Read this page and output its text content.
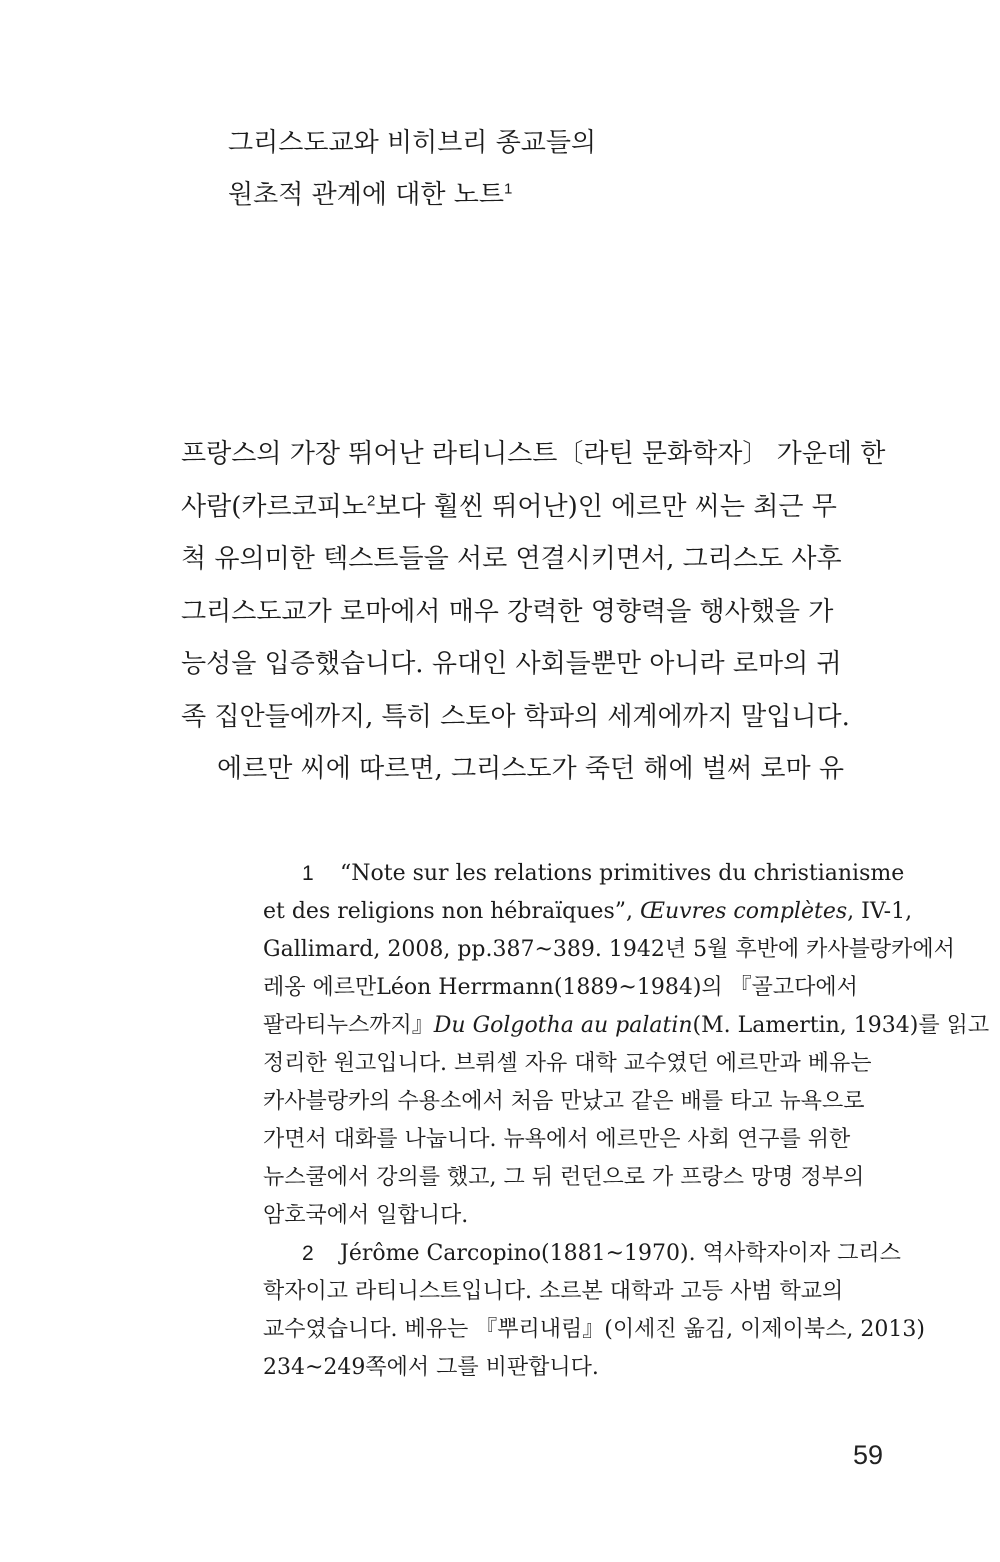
그리스도교와 비히브리 종교들의
원초적 관계에 대한 노트$^1$
프랑스의 가장 뛰어난 라티니스트〔라틴 문화학자〕 가운데 한
사람(카르코피노$^2$보다 훨씬 뛰어난)인 에르만 씨는 최근 무
척 유의미한 텍스트들을 서로 연결시키면서, 그리스도 사후
그리스도교가 로마에서 매우 강력한 영향력을 행사했을 가
능성을 입증했습니다. 유대인 사회들뿐만 아니라 로마의 귀
족 집안들에까지, 특히 스토아 학파의 세계에까지 말입니다.
에르만 씨에 따르면, 그리스도가 죽던 해에 벌써 로마 유
1 “Note sur les relations primitives du christianisme
et des religions non hébraïques”, Œuvres complètes, IV-1,
Gallimard, 2008, pp.387~389. 1942년 5월 후반에 카사블랑카에서
레옹 에르만Léon Herrmann(1889~1984)의 『골고다에서
팔라티누스까지』Du Golgotha au palatin(M. Lamertin, 1934)를 읽고
정리한 원고입니다. 브뤼셀 자유 대학 교수였던 에르만과 베유는
카사블랑카의 수용소에서 처음 만났고 같은 배를 타고 뉴욕으로
가면서 대화를 나눕니다. 뉴욕에서 에르만은 사회 연구를 위한
뉴스쿨에서 강의를 했고, 그 뒤 런던으로 가 프랑스 망명 정부의
암호국에서 일합니다.
2 Jérôme Carcopino(1881~1970). 역사학자이자 그리스
학자이고 라티니스트입니다. 소르본 대학과 고등 사범 학교의
교수였습니다. 베유는 『뿌리내림』(이세진 옮김, 이제이북스, 2013)
234~249쪽에서 그를 비판합니다.
59
